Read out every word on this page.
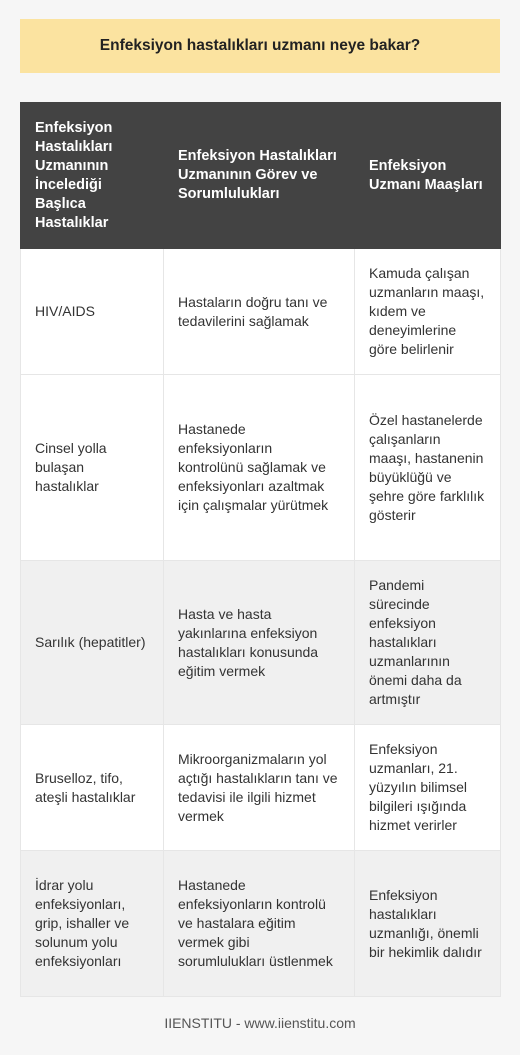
Enfeksiyon hastalıkları uzmanı neye bakar?
Enfeksiyon Hastalıkları Uzmanının İncelediği Başlıca Hastalıklar	Enfeksiyon Hastalıkları Uzmanının Görev ve Sorumlulukları	Enfeksiyon Uzmanı Maaşları
HIV/AIDS	Hastaların doğru tanı ve tedavilerini sağlamak	Kamuda çalışan uzmanların maaşı, kıdem ve deneyimlerine göre belirlenir
Cinsel yolla bulaşan hastalıklar	Hastanede enfeksiyonların kontrolünü sağlamak ve enfeksiyonları azaltmak için çalışmalar yürütmek	Özel hastanelerde çalışanların maaşı, hastanenin büyüklüğü ve şehre göre farklılık gösterir
Sarılık (hepatitler)	Hasta ve hasta yakınlarına enfeksiyon hastalıkları konusunda eğitim vermek	Pandemi sürecinde enfeksiyon hastalıkları uzmanlarının önemi daha da artmıştır
Bruselloz, tifo, ateşli hastalıklar	Mikroorganizmaların yol açtığı hastalıkların tanı ve tedavisi ile ilgili hizmet vermek	Enfeksiyon uzmanları, 21. yüzyılın bilimsel bilgileri ışığında hizmet verirler
İdrar yolu enfeksiyonları, grip, ishaller ve solunum yolu enfeksiyonları	Hastanede enfeksiyonların kontrolü ve hastalara eğitim vermek gibi sorumlulukları üstlenmek	Enfeksiyon hastalıkları uzmanlığı, önemli bir hekimlik dalıdır
IIENSTITU - www.iienstitu.com
